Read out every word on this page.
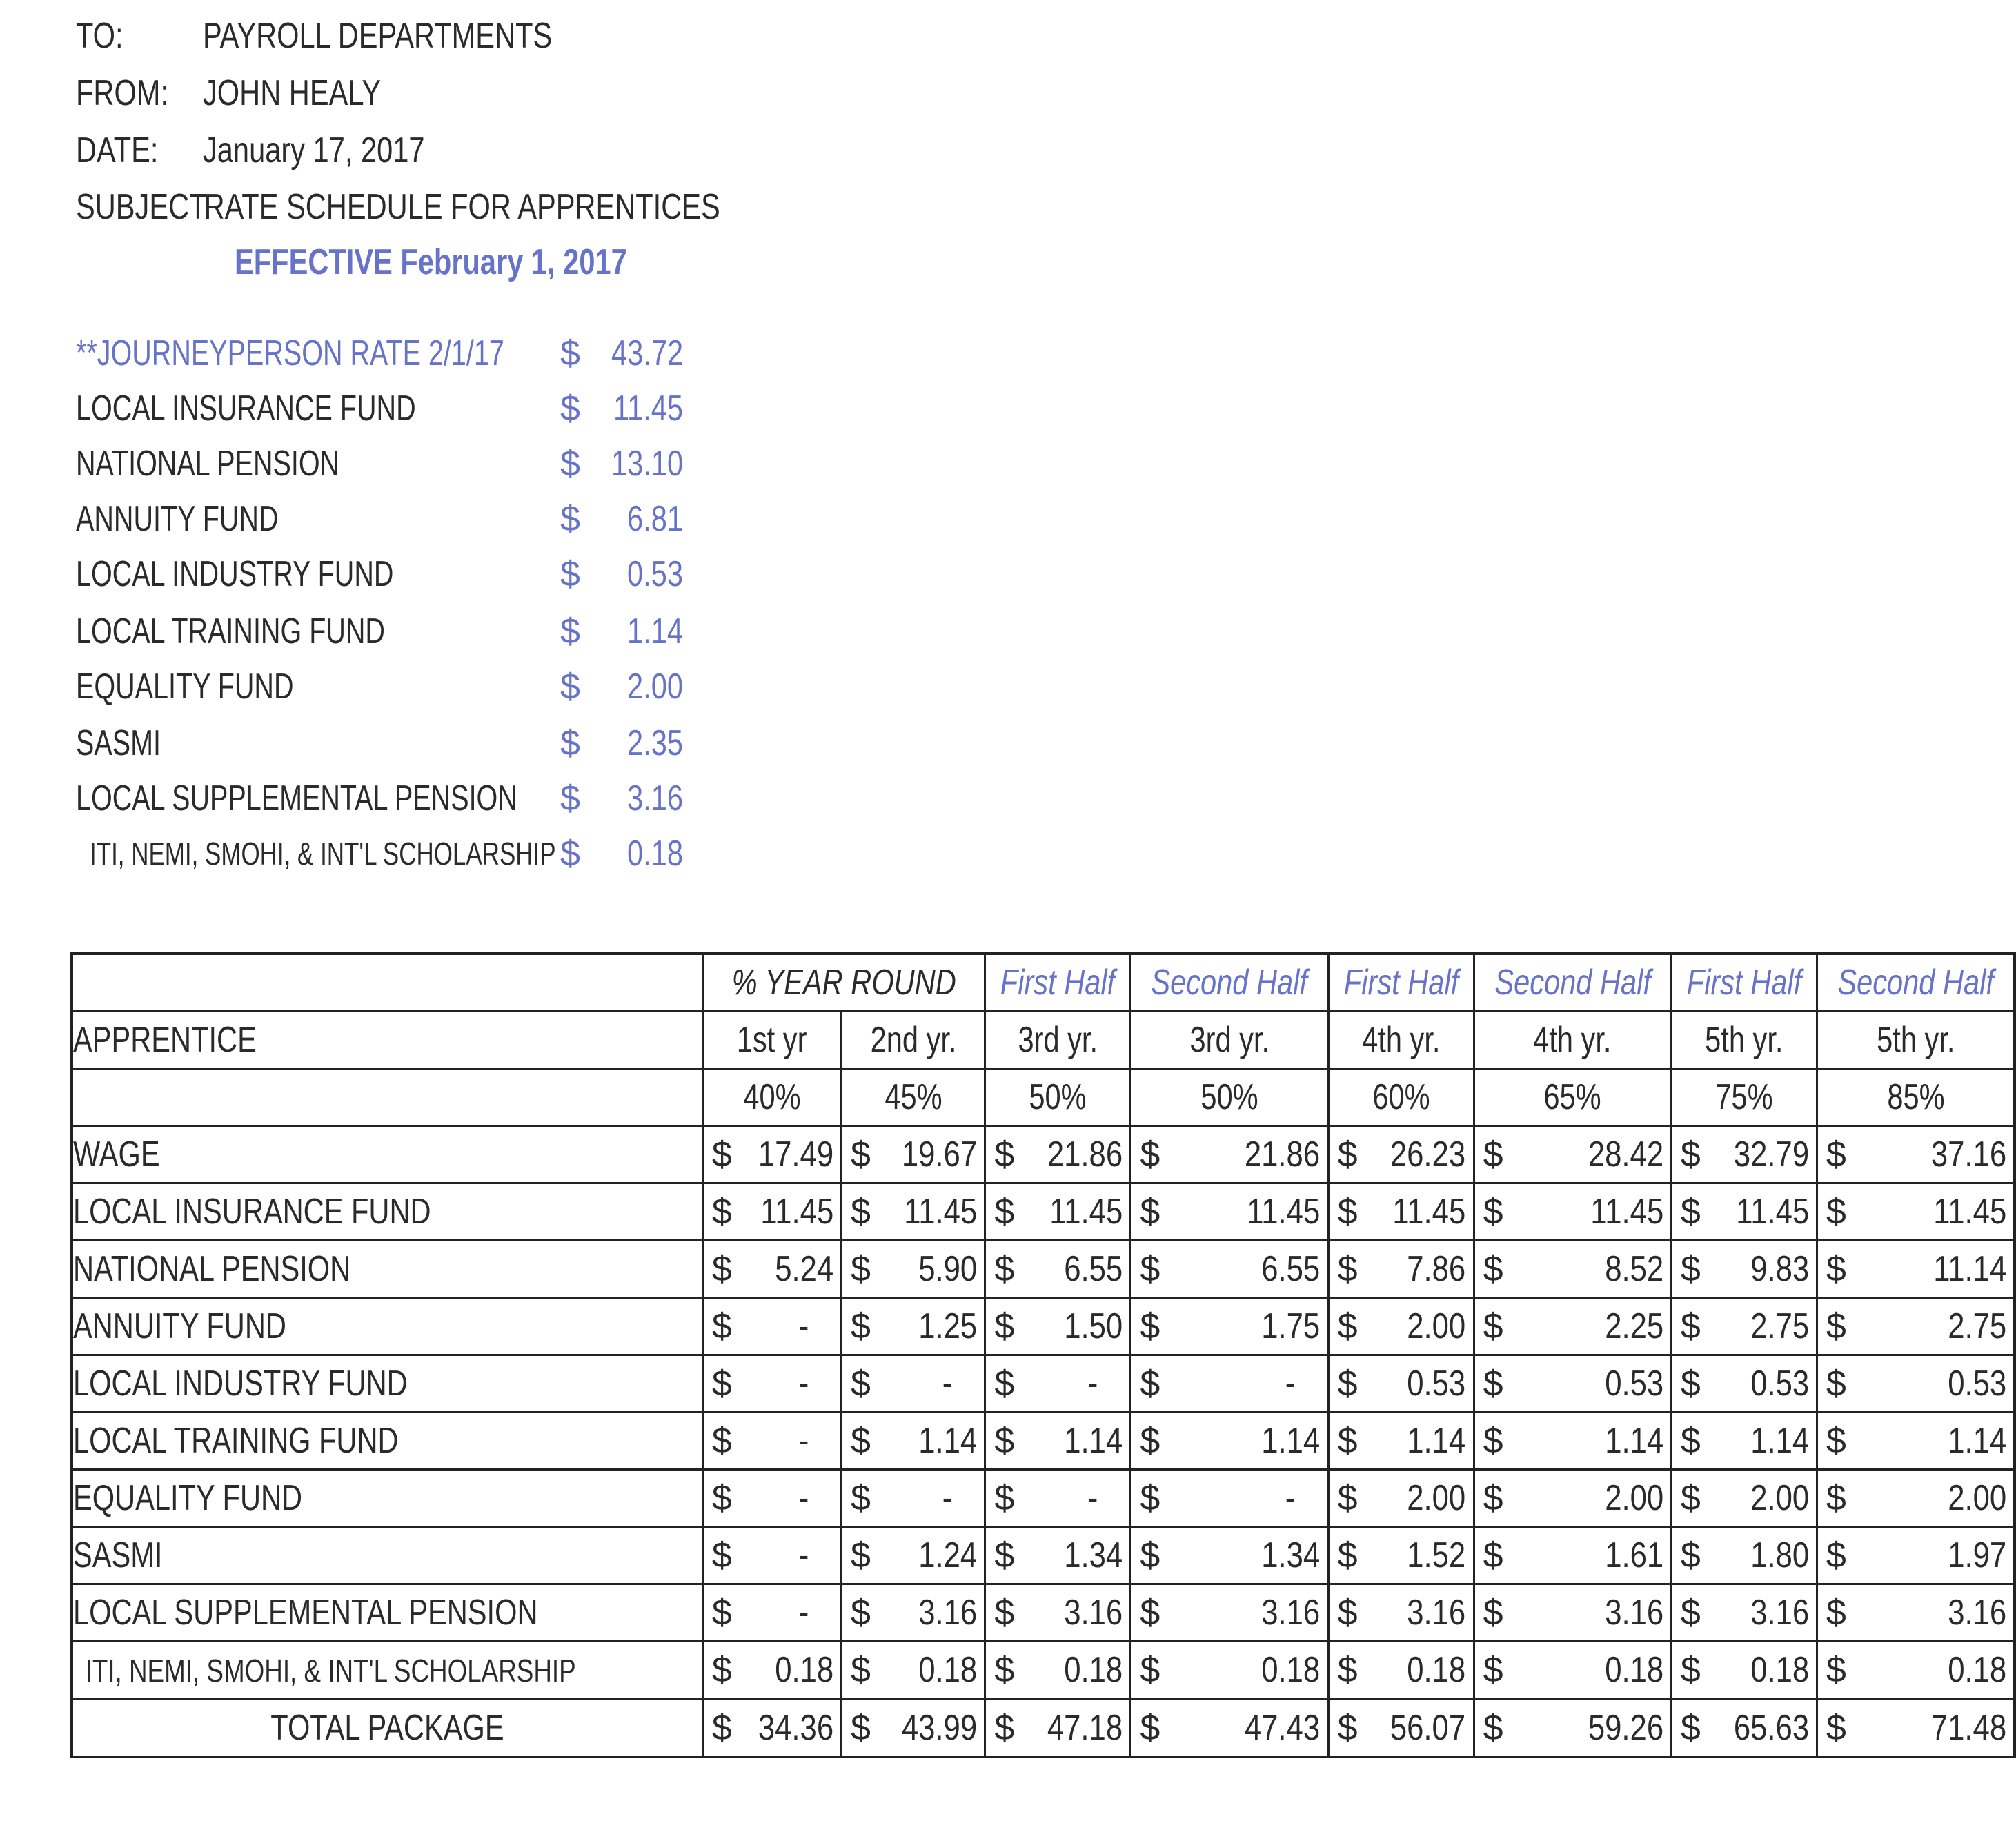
TO: PAYROLL DEPARTMENTS
FROM: JOHN HEALY
DATE: January 17, 2017
SUBJECT:
RATE SCHEDULE FOR APPRENTICES
EFFECTIVE February 1, 2017
**JOURNEYPERSON RATE 2/1/17 $ 43.72
LOCAL INSURANCE FUND	$ 11.45
NATIONAL PENSION	$ 13.10
ANNUITY FUND	$	6.81
LOCAL INDUSTRY FUND	$	0.53
LOCAL TRAINING FUND	$	1.14
EQUALITY FUND	$	2.00
SASMI	$	2.35
LOCAL SUPPLEMENTAL PENSION $	3.16
ITI, NEMI, SMOHI, & INT'L SCHOLARSHIP $	0.18
	% YEAR ROUND		First Half	Second Half	First Half	Second Half	First Half	Second Half
APPRENTICE	1st yr	2nd yr.	3rd yr.	3rd yr.	4th yr.	4th yr.	5th yr.	5th yr.
	40%	45%	50%	50%	60%	65%	75%	85%
WAGE	$ 17.49	$ 19.67	$ 21.86	$ 21.86	$ 26.23	$ 28.42	$ 32.79	$ 37.16

LOCAL INSURANCE FUND	$ 11.45	$ 11.45	$ 11.45	$ 11.45	$ 11.45	$ 11.45	$ 11.45	$ 11.45

NATIONAL PENSION	$ 5.24	$ 5.90	$ 6.55	$ 6.55	$ 7.86	$ 8.52	$ 9.83	$ 11.14

ANNUITY FUND	$ -	$ 1.25	$ 1.50	$ 1.75	$ 2.00	$ 2.25	$ 2.75	$ 2.75

LOCAL INDUSTRY FUND	$ -	$ -	$ -	$ -	$ 0.53	$ 0.53	$ 0.53	$ 0.53

LOCAL TRAINING FUND	$ -	$ 1.14	$ 1.14	$ 1.14	$ 1.14	$ 1.14	$ 1.14	$ 1.14

EQUALITY FUND	$ -	$ -	$ -	$ -	$ 2.00	$ 2.00	$ 2.00	$ 2.00

SASMI	$ -	$ 1.24	$ 1.34	$ 1.34	$ 1.52	$ 1.61	$ 1.80	$ 1.97

LOCAL SUPPLEMENTAL PENSION	$ -	$ 3.16	$ 3.16	$ 3.16	$ 3.16	$ 3.16	$ 3.16	$ 3.16

ITI, NEMI, SMOHI, & INT'L SCHOLARSHIP	$ 0.18	$ 0.18	$ 0.18	$ 0.18	$ 0.18	$ 0.18	$ 0.18	$ 0.18

TOTAL PACKAGE	$ 34.36	$ 43.99	$ 47.18	$ 47.43	$ 56.07	$ 59.26	$ 65.63	$ 71.48
